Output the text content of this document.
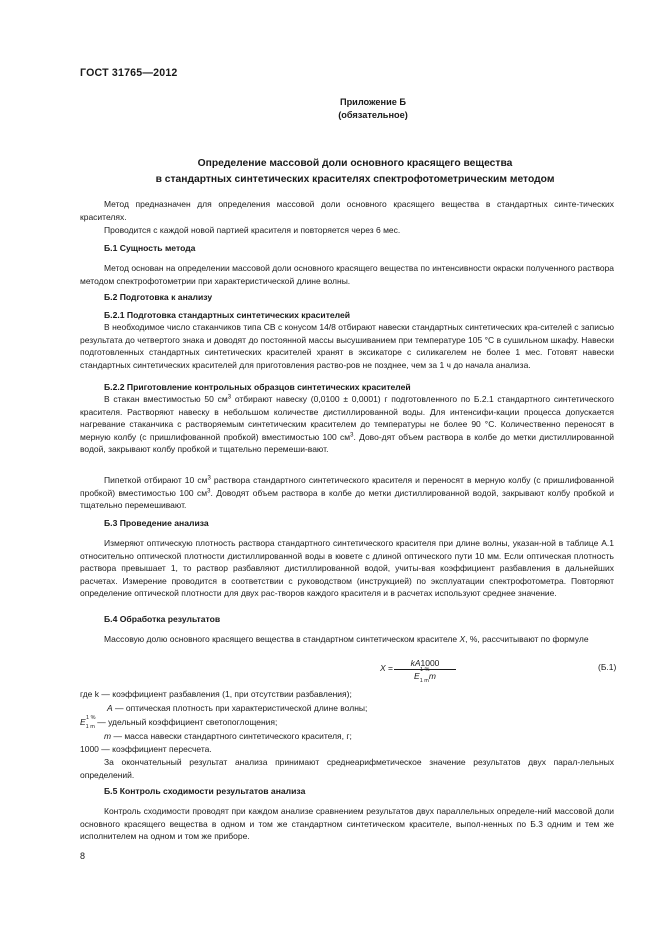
ГОСТ 31765—2012
Приложение Б
(обязательное)
Определение массовой доли основного красящего вещества
в стандартных синтетических красителях спектрофотометрическим методом
Метод предназначен для определения массовой доли основного красящего вещества в стандартных синте-тических красителях.
Проводится с каждой новой партией красителя и повторяется через 6 мес.
Б.1 Сущность метода
Метод основан на определении массовой доли основного красящего вещества по интенсивности окраски полученного раствора методом спектрофотометрии при характеристической длине волны.
Б.2 Подготовка к анализу
Б.2.1 Подготовка стандартных синтетических красителей
В необходимое число стаканчиков типа СВ с конусом 14/8 отбирают навески стандартных синтетических кра-сителей с записью результата до четвертого знака и доводят до постоянной массы высушиванием при температуре 105 °С в сушильном шкафу. Навески подготовленных стандартных синтетических красителей хранят в эксикаторе с силикагелем не более 1 мес. Готовят навески стандартных синтетических красителей для приготовления раство-ров не позднее, чем за 1 ч до начала анализа.
Б.2.2 Приготовление контрольных образцов синтетических красителей
В стакан вместимостью 50 $см^3$ отбирают навеску (0,0100 ± 0,0001) г подготовленного по Б.2.1 стандартного синтетического красителя. Растворяют навеску в небольшом количестве дистиллированной воды. Для интенсифи-кации процесса допускается нагревание стаканчика с растворяемым синтетическим красителем до температуры не более 90 °С. Количественно переносят в мерную колбу (с пришлифованной пробкой) вместимостью 100 $см^3$. Дово-дят объем раствора в колбе до метки дистиллированной водой, закрывают колбу пробкой и тщательно перемеши-вают.
Пипеткой отбирают 10 $см^3$ раствора стандартного синтетического красителя и переносят в мерную колбу (с пришлифованной пробкой) вместимостью 100 $см^3$. Доводят объем раствора в колбе до метки дистиллированной водой, закрывают колбу пробкой и тщательно перемешивают.
Б.3 Проведение анализа
Измеряют оптическую плотность раствора стандартного синтетического красителя при длине волны, указан-ной в таблице А.1 относительно оптической плотности дистиллированной воды в кювете с длиной оптического пути 10 мм. Если оптическая плотность раствора превышает 1, то раствор разбавляют дистиллированной водой, учиты-вая коэффициент разбавления в дальнейших расчетах. Измерение проводится в соответствии с руководством (инструкцией) по эксплуатации спектрофотометра. Повторяют определение оптической плотности для двух рас-творов каждого красителя и в расчетах используют среднее значение.
Б.4 Обработка результатов
Массовую долю основного красящего вещества в стандартном синтетическом красителе X, %, рассчитывают по формуле
X = kA1000
E
1 %
$_{1 m}$m	(Б.1)
где k — коэффициент разбавления (1, при отсутствии разбавления);
A — оптическая плотность при характеристической длине волны;
E 1 %
$_{1 m}$ — удельный коэффициент светопоглощения;
m — масса навески стандартного синтетического красителя, г;
1000 — коэффициент пересчета.
За окончательный результат анализа принимают среднеарифметическое значение результатов двух парал-лельных определений.
Б.5 Контроль сходимости результатов анализа
Контроль сходимости проводят при каждом анализе сравнением результатов двух параллельных определе-ний массовой доли основного красящего вещества в одном и том же стандартном синтетическом красителе, выпол-ненных по Б.3 одним и тем же исполнителем на одном и том же приборе.
8
